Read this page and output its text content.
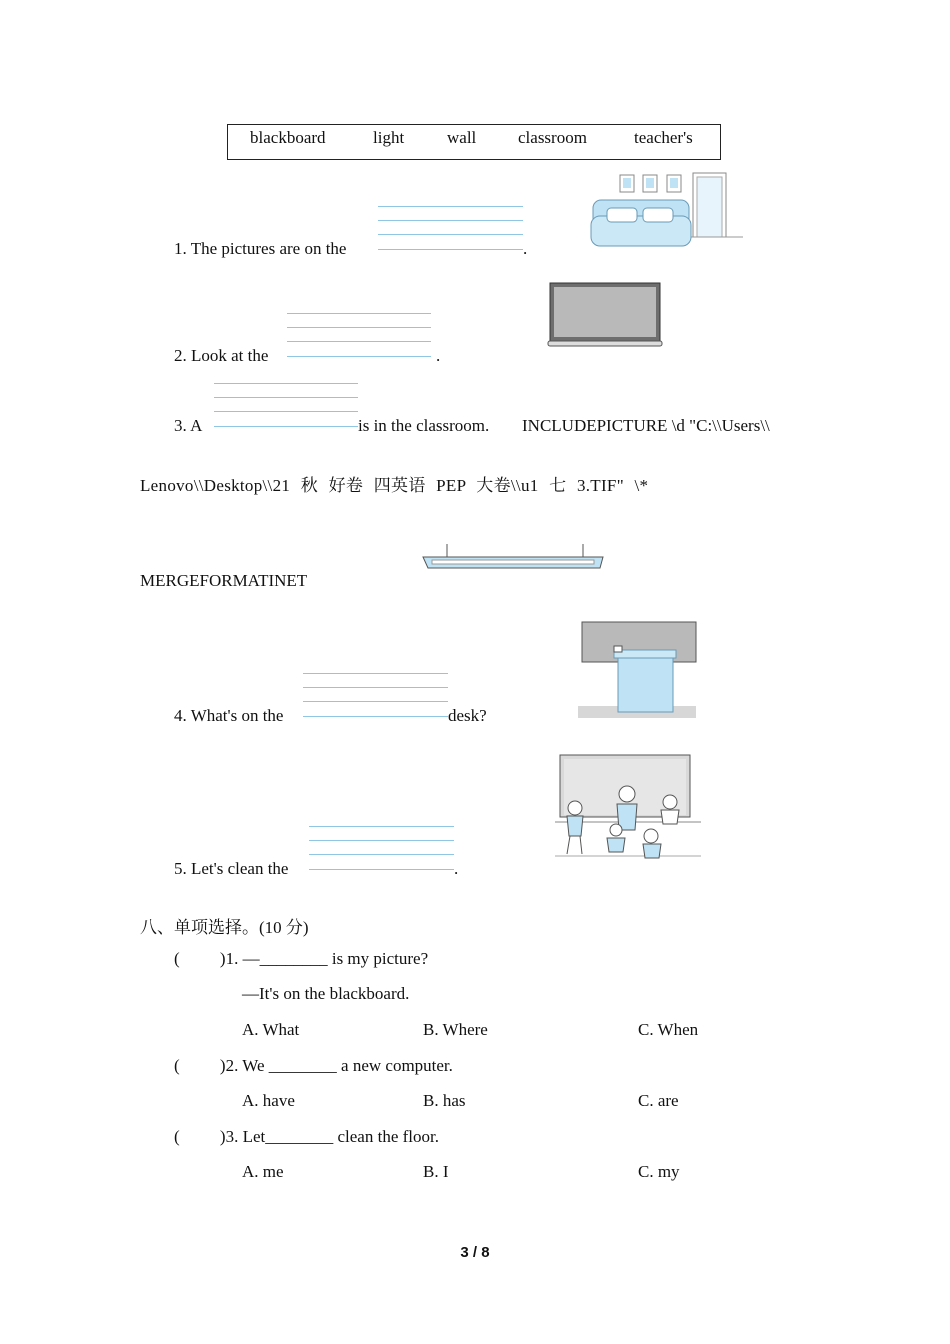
blackboard	light	wall classroom	teacher's
1. The pictures are on the	.
2. Look at the	.
3. A	is in the classroom. INCLUDEPICTURE \d "C:\\Users\\
Lenovo\\Desktop\\21 秋 好卷 四英语 PEP 大卷\\u1 七 3.TIF" \*
MERGEFORMATINET
4. What's on the	desk?
5. Let's clean the	.
八、单项选择。(10 分)
( )1. —________ is my picture?
—It's on the blackboard.
A. What	B. Where	C. When
( )2. We ________ a new computer.
A. have	B. has	C. are
( )3. Let________ clean the floor.
A. me	B. I	C. my
3 / 8
